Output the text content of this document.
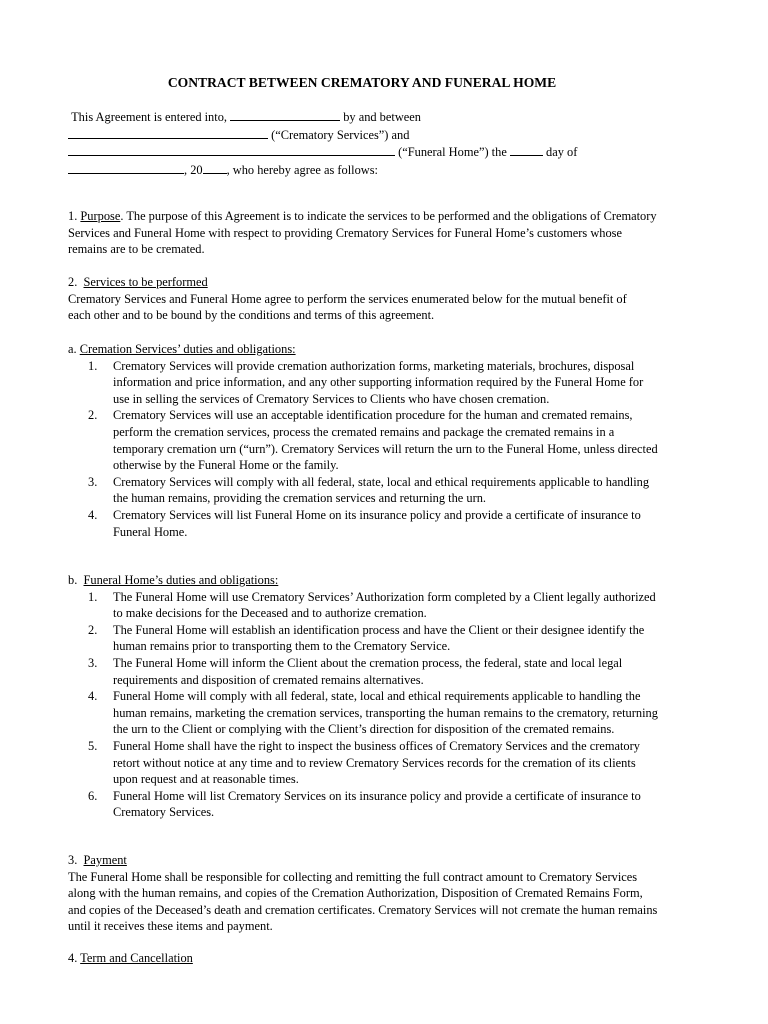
CONTRACT BETWEEN CREMATORY AND FUNERAL HOME

This Agreement is entered into,	by and between

(“Crematory Services”) and

(“Funeral Home”) the	day of

, 20 , who hereby agree as follows:

1. Purpose. The purpose of this Agreement is to indicate the services to be performed and the obligations of Crematory Services and Funeral Home with respect to providing Crematory Services for Funeral Home’s customers whose remains are to be cremated.

2. Services to be performed

Crematory Services and Funeral Home agree to perform the services enumerated below for the mutual benefit of each other and to be bound by the conditions and terms of this agreement.

a. Cremation Services’ duties and obligations:

1. Crematory Services will provide cremation authorization forms, marketing materials, brochures, disposal information and price information, and any other supporting information required by the Funeral Home for use in selling the services of Crematory Services to Clients who have chosen cremation.
2. Crematory Services will use an acceptable identification procedure for the human and cremated remains, perform the cremation services, process the cremated remains and package the cremated remains in a temporary cremation urn (“urn”). Crematory Services will return the urn to the Funeral Home, unless directed otherwise by the Funeral Home or the family.
3. Crematory Services will comply with all federal, state, local and ethical requirements applicable to handling the human remains, providing the cremation services and returning the urn.
4. Crematory Services will list Funeral Home on its insurance policy and provide a certificate of insurance to Funeral Home.

b. Funeral Home’s duties and obligations:

1. The Funeral Home will use Crematory Services’ Authorization form completed by a Client legally authorized to make decisions for the Deceased and to authorize cremation.
2. The Funeral Home will establish an identification process and have the Client or their designee identify the human remains prior to transporting them to the Crematory Service.
3. The Funeral Home will inform the Client about the cremation process, the federal, state and local legal requirements and disposition of cremated remains alternatives.
4. Funeral Home will comply with all federal, state, local and ethical requirements applicable to handling the human remains, marketing the cremation services, transporting the human remains to the crematory, returning the urn to the Client or complying with the Client’s direction for disposition of the cremated remains.
5. Funeral Home shall have the right to inspect the business offices of Crematory Services and the crematory retort without notice at any time and to review Crematory Services records for the cremation of its clients upon request and at reasonable times.
6. Funeral Home will list Crematory Services on its insurance policy and provide a certificate of insurance to Crematory Services.

3. Payment

The Funeral Home shall be responsible for collecting and remitting the full contract amount to Crematory Services along with the human remains, and copies of the Cremation Authorization, Disposition of Cremated Remains Form, and copies of the Deceased’s death and cremation certificates. Crematory Services will not cremate the human remains until it receives these items and payment.

4. Term and Cancellation
